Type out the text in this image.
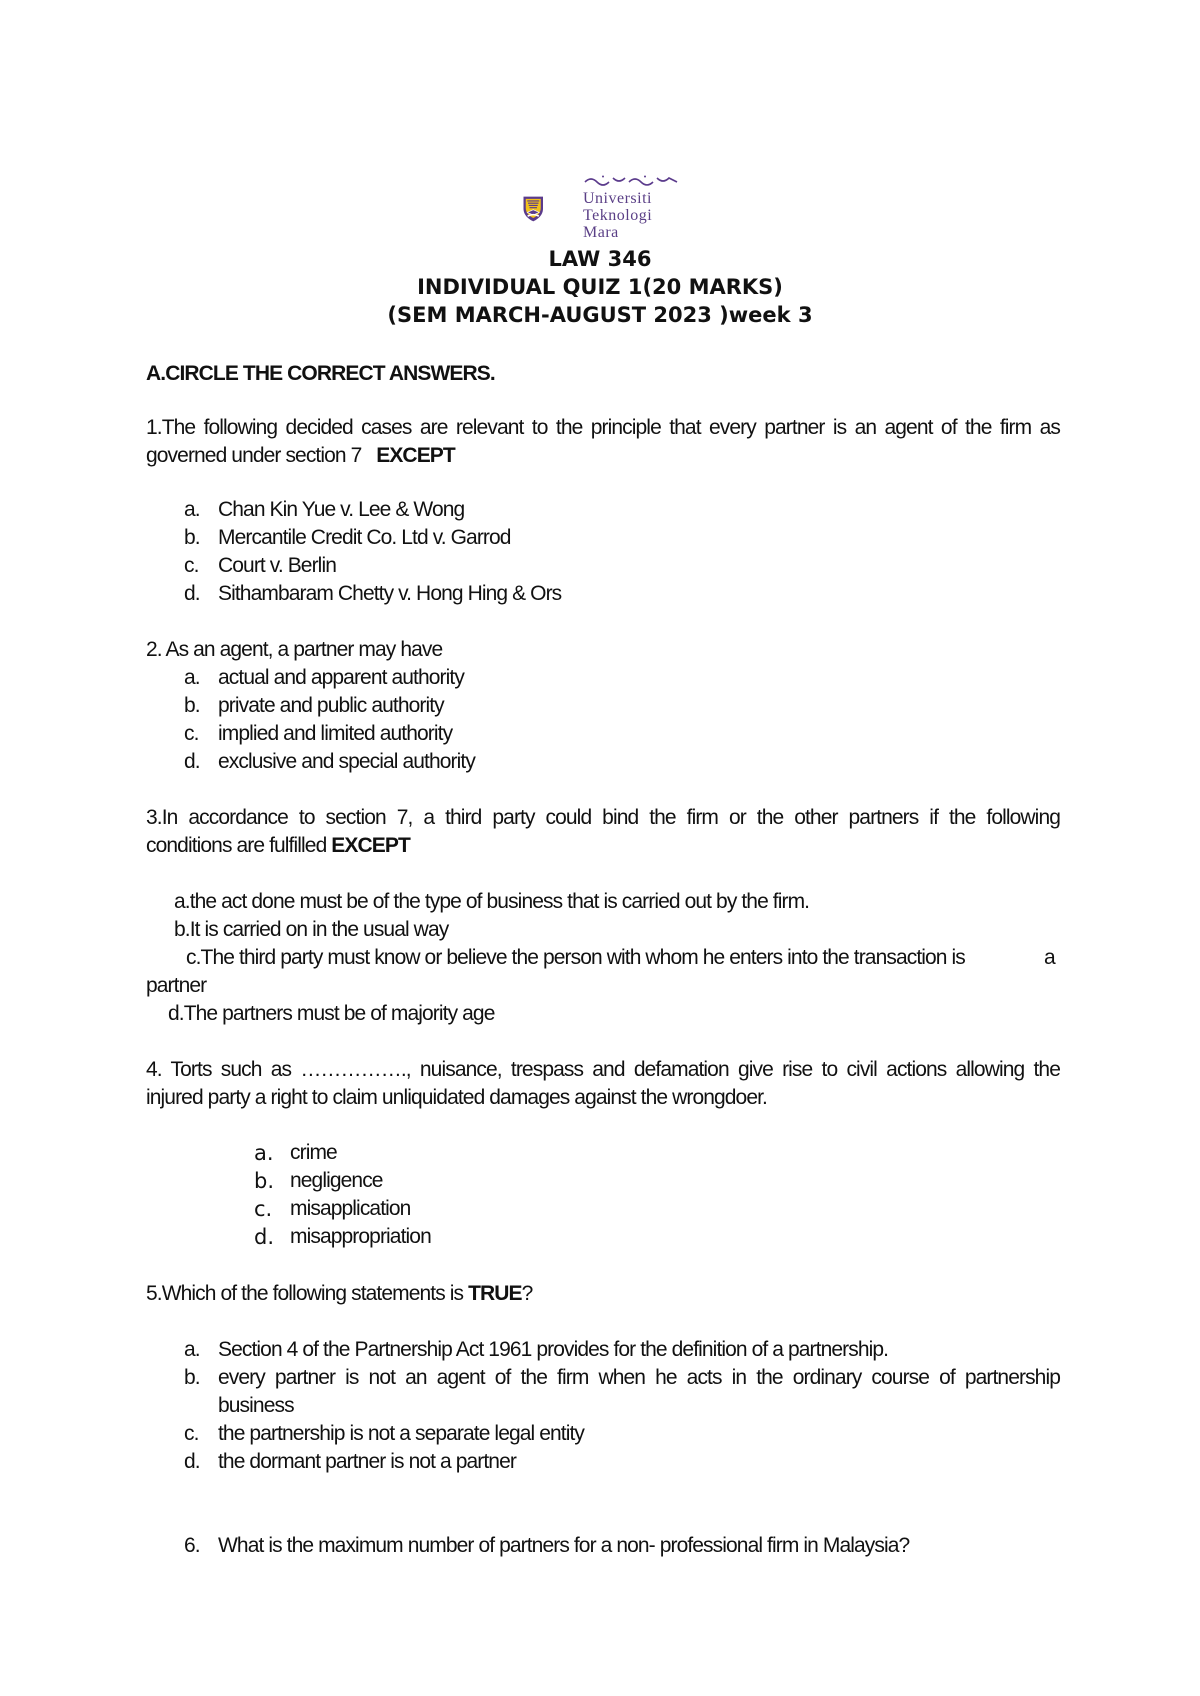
Universiti
Teknologi
Mara
LAW 346
INDIVIDUAL QUIZ 1(20 MARKS)
(SEM MARCH-AUGUST 2023 )week 3
A.CIRCLE THE CORRECT ANSWERS.
1.The following decided cases are relevant to the principle that every partner is an agent of the firm as
governed under section 7 EXCEPT
a. Chan Kin Yue v. Lee & Wong
b. Mercantile Credit Co. Ltd v. Garrod
c. Court v. Berlin
d. Sithambaram Chetty v. Hong Hing & Ors
2. As an agent, a partner may have
a. actual and apparent authority
b. private and public authority
c. implied and limited authority
d. exclusive and special authority
3.In accordance to section 7, a third party could bind the firm or the other partners if the following
conditions are fulfilled EXCEPT
a.the act done must be of the type of business that is carried out by the firm.
b.It is carried on in the usual way
c.The third party must know or believe the person with whom he enters into the transaction is	a
partner
d.The partners must be of majority age
4. Torts such as ……………., nuisance, trespass and defamation give rise to civil actions allowing the
injured party a right to claim unliquidated damages against the wrongdoer.
a. crime
b. negligence
c. misapplication
d. misappropriation
5.Which of the following statements is TRUE?
a. Section 4 of the Partnership Act 1961 provides for the definition of a partnership.
b. every partner is not an agent of the firm when he acts in the ordinary course of partnership
business
c. the partnership is not a separate legal entity
d. the dormant partner is not a partner
6. What is the maximum number of partners for a non- professional firm in Malaysia?
